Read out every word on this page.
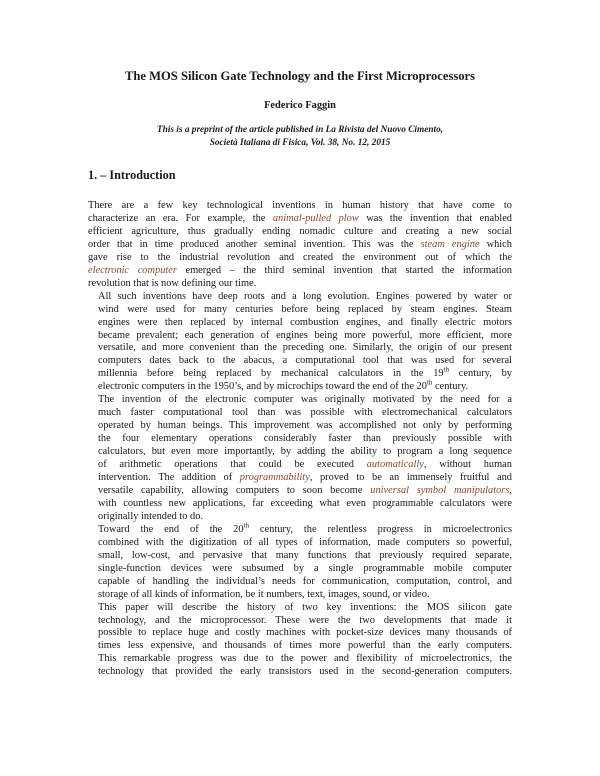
The MOS Silicon Gate Technology and the First Microprocessors
Federico Faggin
This is a preprint of the article published in La Rivista del Nuovo Cimento,
Società Italiana di Fisica, Vol. 38, No. 12, 2015
1. – Introduction

There are a few key technological inventions in human history that have come to
characterize an era. For example, the animal-pulled plow was the invention that enabled
efficient agriculture, thus gradually ending nomadic culture and creating a new social
order that in time produced another seminal invention. This was the steam engine which
gave rise to the industrial revolution and created the environment out of which the
electronic computer emerged – the third seminal invention that started the information
revolution that is now defining our time.

All such inventions have deep roots and a long evolution. Engines powered by water or
wind were used for many centuries before being replaced by steam engines. Steam
engines were then replaced by internal combustion engines, and finally electric motors
became prevalent; each generation of engines being more powerful, more efficient, more
versatile, and more convenient than the preceding one. Similarly, the origin of our present
computers dates back to the abacus, a computational tool that was used for several
millennia before being replaced by mechanical calculators in the 19th century, by
electronic computers in the 1950’s, and by microchips toward the end of the 20th century.

The invention of the electronic computer was originally motivated by the need for a
much faster computational tool than was possible with electromechanical calculators
operated by human beings. This improvement was accomplished not only by performing
the four elementary operations considerably faster than previously possible with
calculators, but even more importantly, by adding the ability to program a long sequence
of arithmetic operations that could be executed automatically, without human
intervention. The addition of programmability, proved to be an immensely fruitful and
versatile capability, allowing computers to soon become universal symbol manipulators,
with countless new applications, far exceeding what even programmable calculators were
originally intended to do.

Toward the end of the 20th century, the relentless progress in microelectronics
combined with the digitization of all types of information, made computers so powerful,
small, low-cost, and pervasive that many functions that previously required separate,
single-function devices were subsumed by a single programmable mobile computer
capable of handling the individual’s needs for communication, computation, control, and
storage of all kinds of information, be it numbers, text, images, sound, or video.

This paper will describe the history of two key inventions: the MOS silicon gate
technology, and the microprocessor. These were the two developments that made it
possible to replace huge and costly machines with pocket-size devices many thousands of
times less expensive, and thousands of times more powerful than the early computers.
This remarkable progress was due to the power and flexibility of microelectronics, the
technology that provided the early transistors used in the second-generation computers.
